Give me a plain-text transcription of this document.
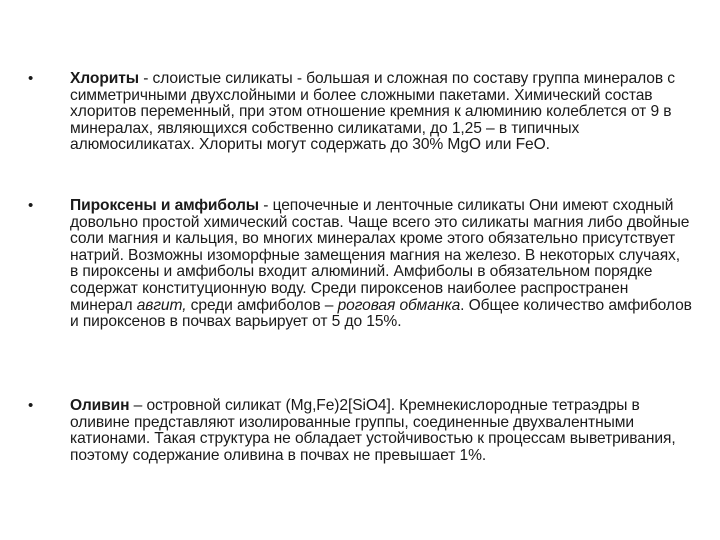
•	Хлориты - слоистые силикаты - большая и сложная по составу группа минералов с симметричными двухслойными и более сложными пакетами. Химический состав хлоритов переменный, при этом отношение кремния к алюминию колеблется от 9 в минералах, являющихся собственно силикатами, до 1,25 – в типичных алюмосиликатах. Хлориты могут содержать до 30% MgO или FeO.
•	Пироксены и амфиболы - цепочечные и ленточные силикаты Они имеют сходный довольно простой химический состав. Чаще всего это силикаты магния либо двойные соли магния и кальция, во многих минералах кроме этого обязательно присутствует натрий. Возможны изоморфные замещения магния на железо. В некоторых случаях, в пироксены и амфиболы входит алюминий. Амфиболы в обязательном порядке содержат конституционную воду. Среди пироксенов наиболее распространен минерал авгит, среди амфиболов – роговая обманка. Общее количество амфиболов и пироксенов в почвах варьирует от 5 до 15%.
•	Оливин – островной силикат (Mg,Fe)2[SiO4]. Кремнекислородные тетраэдры в оливине представляют изолированные группы, соединенные двухвалентными катионами. Такая структура не обладает устойчивостью к процессам выветривания, поэтому содержание оливина в почвах не превышает 1%.
